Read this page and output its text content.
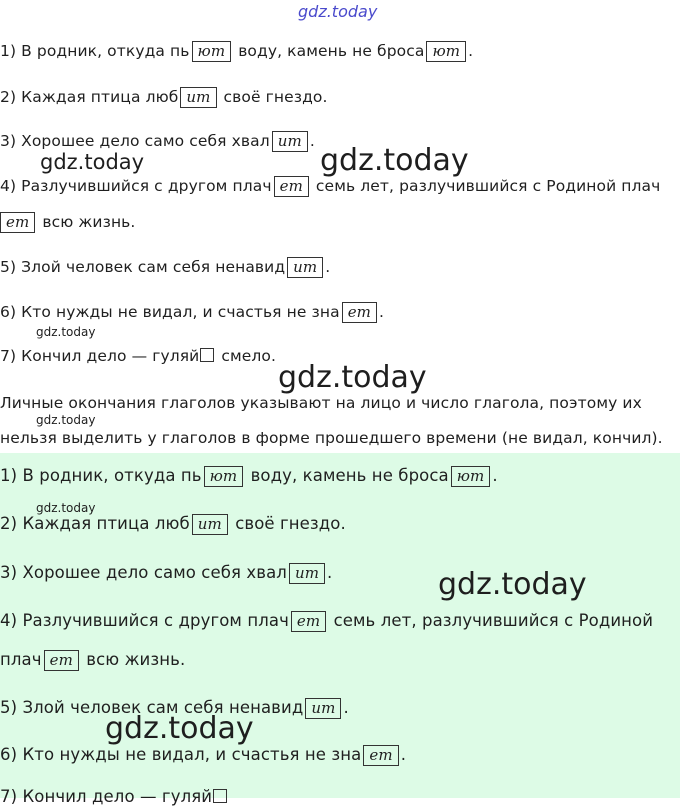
gdz.today
1) В родник, откуда пь ют воду, камень не броса ют .
2) Каждая птица люб ит своё гнездо.
3) Хорошее дело само себя хвал ит .
gdz.today	gdz.today
4) Разлучившийся с другом плач ет семь лет, разлучившийся с Родиной плач
ет всю жизнь.
5) Злой человек сам себя ненавид ит .
6) Кто нужды не видал, и счастья не зна ет .
gdz.today
7) Кончил дело — гуляй смело.
gdz.today
Личные окончания глаголов указывают на лицо и число глагола, поэтому их
gdz.today
нельзя выделить у глаголов в форме прошедшего времени (не видал, кончил).
1) В родник, откуда пь ют воду, камень не броса ют .
gdz.today
2) Каждая птица люб ит своё гнездо.
3) Хорошее дело само себя хвал ит .	gdz.today
4) Разлучившийся с другом плач ет семь лет, разлучившийся с Родиной
плач ет всю жизнь.
5) Злой человек сам себя ненавид ит .
gdz.today
6) Кто нужды не видал, и счастья не зна ет .
7) Кончил дело — гуляй
